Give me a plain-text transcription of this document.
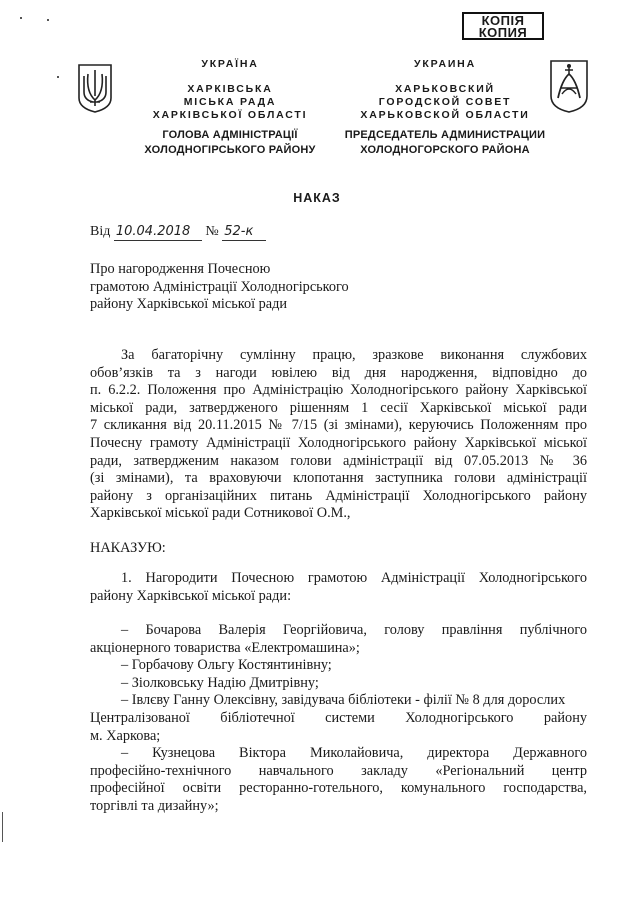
КОПІЯ
КОПИЯ
УКРАЇНА
ХАРКІВСЬКА
МІСЬКА РАДА
ХАРКІВСЬКОЇ ОБЛАСТІ
ГОЛОВА АДМІНІСТРАЦІЇ
ХОЛОДНОГІРСЬКОГО РАЙОНУ
УКРАИНА
ХАРЬКОВСКИЙ
ГОРОДСКОЙ СОВЕТ
ХАРЬКОВСКОЙ ОБЛАСТИ
ПРЕДСЕДАТЕЛЬ АДМИНИСТРАЦИИ
ХОЛОДНОГОРСКОГО РАЙОНА
НАКАЗ
Від 10.04.2018 № 52-к
Про нагородження Почесною
грамотою Адміністрації Холодногірського
району Харківської міської ради
За багаторічну сумлінну працю, зразкове виконання службових
обов’язків та з нагоди ювілею від дня народження, відповідно до
п. 6.2.2. Положення про Адміністрацію Холодногірського району Харківської
міської ради, затвердженого рішенням 1 сесії Харківської міської ради
7 скликання від 20.11.2015 № 7/15 (зі змінами), керуючись Положенням про
Почесну грамоту Адміністрації Холодногірського району Харківської міської
ради, затвердженим наказом голови адміністрації від 07.05.2013 № 36
(зі змінами), та враховуючи клопотання заступника голови адміністрації
району з організаційних питань Адміністрації Холодногірського району
Харківської міської ради Сотникової О.М.,
НАКАЗУЮ:
1. Нагородити Почесною грамотою Адміністрації Холодногірського
району Харківської міської ради:
– Бочарова Валерія Георгійовича, голову правління публічного
акціонерного товариства «Електромашина»;
– Горбачову Ольгу Костянтинівну;
– Зіолковську Надію Дмитрівну;
– Івлєву Ганну Олексівну, завідувача бібліотеки - філії № 8 для дорослих
Централізованої бібліотечної системи Холодногірського району
м. Харкова;
– Кузнецова Віктора Миколайовича, директора Державного
професійно-технічного навчального закладу «Регіональний центр
професійної освіти ресторанно-готельного, комунального господарства,
торгівлі та дизайну»;
